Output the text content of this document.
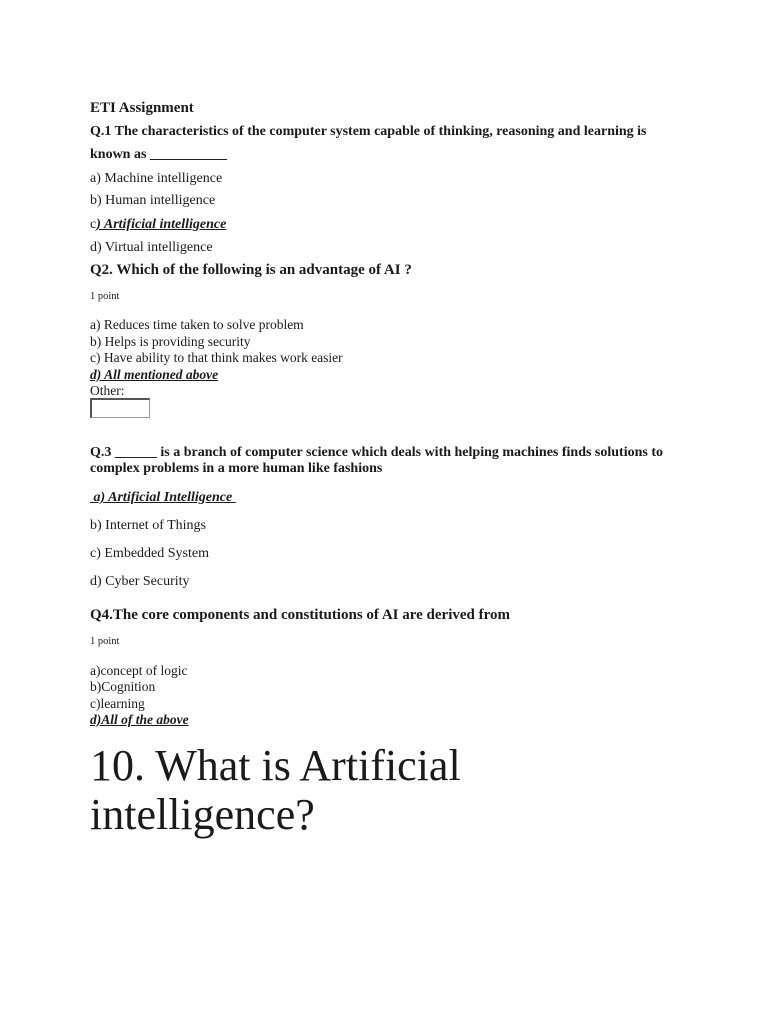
ETI Assignment
Q.1 The characteristics of the computer system capable of thinking, reasoning and learning is
known as ___________
a) Machine intelligence
b) Human intelligence
c) Artificial intelligence
d) Virtual intelligence
Q2. Which of the following is an advantage of AI ?
1 point
a) Reduces time taken to solve problem
b) Helps is providing security
c) Have ability to that think makes work easier
d) All mentioned above
Other:
Q.3 ______ is a branch of computer science which deals with helping machines finds solutions to
complex problems in a more human like fashions
a) Artificial Intelligence
b) Internet of Things
c) Embedded System
d) Cyber Security
Q4.The core components and constitutions of AI are derived from
1 point
a)concept of logic
b)Cognition
c)learning
d)All of the above
10. What is Artificial
intelligence?
